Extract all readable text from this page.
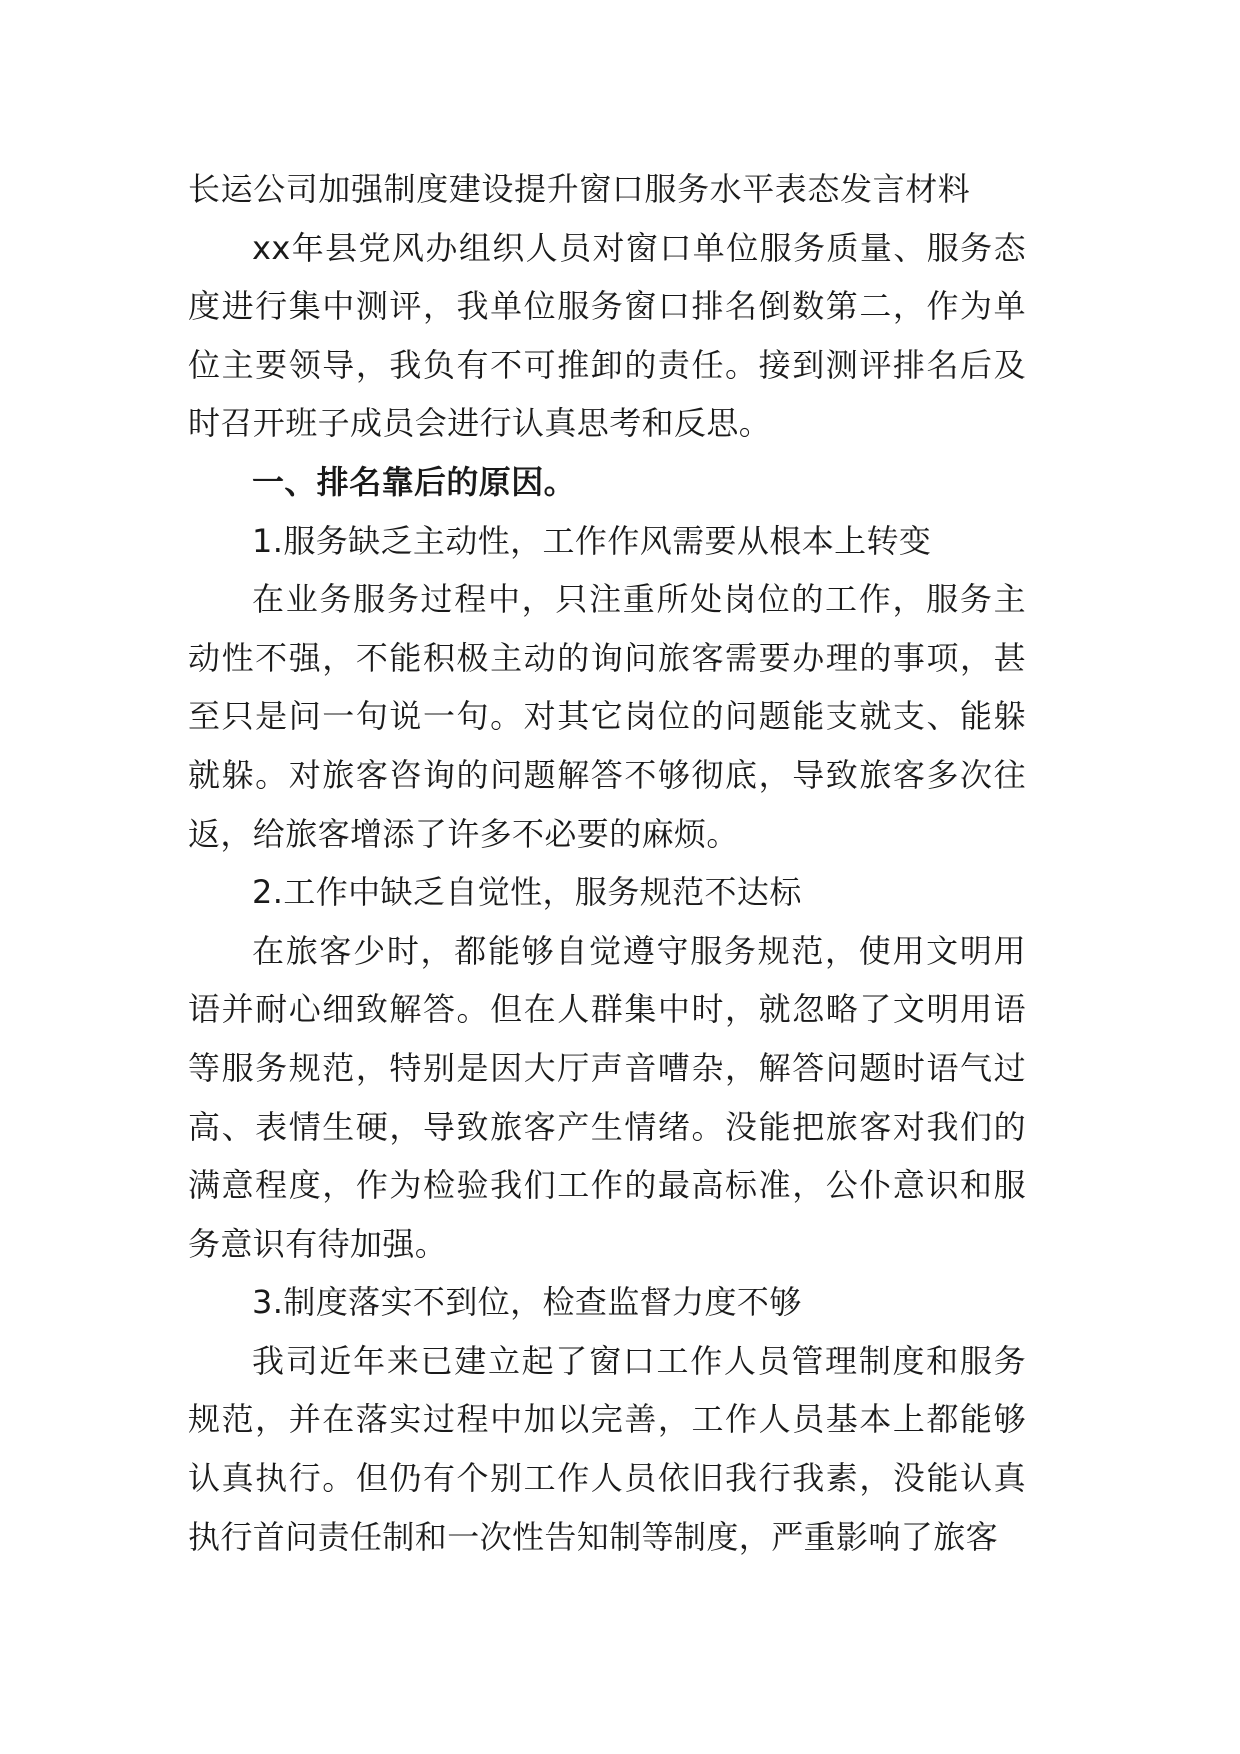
长运公司加强制度建设提升窗口服务水平表态发言材料

xx年县党风办组织人员对窗口单位服务质量、服务态度进行集中测评，我单位服务窗口排名倒数第二，作为单位主要领导，我负有不可推卸的责任。接到测评排名后及时召开班子成员会进行认真思考和反思。

一、排名靠后的原因。

1.服务缺乏主动性，工作作风需要从根本上转变

在业务服务过程中，只注重所处岗位的工作，服务主动性不强，不能积极主动的询问旅客需要办理的事项，甚至只是问一句说一句。对其它岗位的问题能支就支、能躲就躲。对旅客咨询的问题解答不够彻底，导致旅客多次往返，给旅客增添了许多不必要的麻烦。

2.工作中缺乏自觉性，服务规范不达标

在旅客少时，都能够自觉遵守服务规范，使用文明用语并耐心细致解答。但在人群集中时，就忽略了文明用语等服务规范，特别是因大厅声音嘈杂，解答问题时语气过高、表情生硬，导致旅客产生情绪。没能把旅客对我们的满意程度，作为检验我们工作的最高标准，公仆意识和服务意识有待加强。

3.制度落实不到位，检查监督力度不够

我司近年来已建立起了窗口工作人员管理制度和服务规范，并在落实过程中加以完善，工作人员基本上都能够认真执行。但仍有个别工作人员依旧我行我素，没能认真执行首问责任制和一次性告知制等制度，严重影响了旅客
